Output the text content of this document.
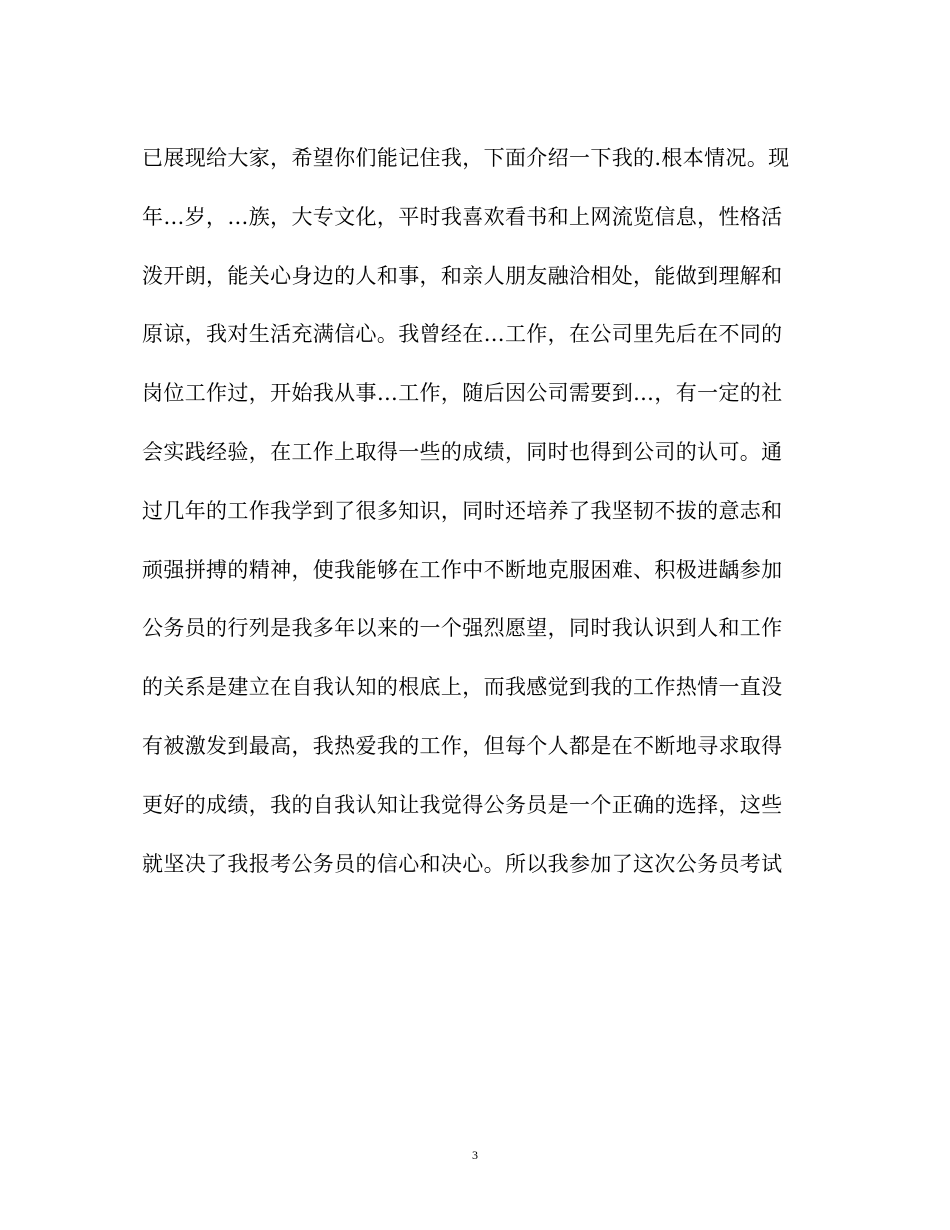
已展现给大家，希望你们能记住我，下面介绍一下我的.根本情况。现
年…岁，…族，大专文化，平时我喜欢看书和上网流览信息，性格活
泼开朗，能关心身边的人和事，和亲人朋友融洽相处，能做到理解和
原谅，我对生活充满信心。我曾经在…工作，在公司里先后在不同的
岗位工作过，开始我从事…工作，随后因公司需要到…，有一定的社
会实践经验，在工作上取得一些的成绩，同时也得到公司的认可。通
过几年的工作我学到了很多知识，同时还培养了我坚韧不拔的意志和
顽强拼搏的精神，使我能够在工作中不断地克服困难、积极进龋参加
公务员的行列是我多年以来的一个强烈愿望，同时我认识到人和工作
的关系是建立在自我认知的根底上，而我感觉到我的工作热情一直没
有被激发到最高，我热爱我的工作，但每个人都是在不断地寻求取得
更好的成绩，我的自我认知让我觉得公务员是一个正确的选择，这些
就坚决了我报考公务员的信心和决心。所以我参加了这次公务员考试
3
